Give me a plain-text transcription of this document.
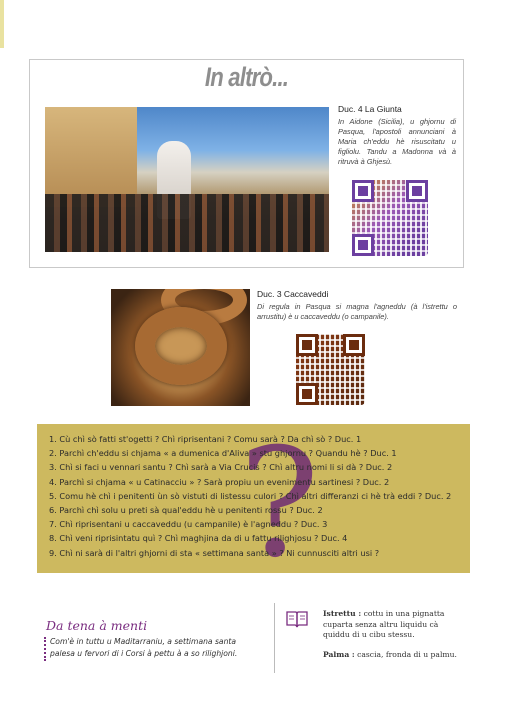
In altrò...
Duc. 4 La Giunta
In Aidone (Sicilia), u ghjornu di Pasqua, l'apostoli annunciani à Maria ch'eddu hè risuscitatu u figliolu. Tandu a Madonna và à ritruvà à Ghjesù.
Duc. 3 Caccaveddi
Di regula in Pasqua si magna l'agneddu (à l'istrettu o arrustitu) è u caccaveddu (o campanile).
?
1. Cù chì sò fatti st'ogetti ? Chì riprisentani ? Comu sarà ? Da chì sò ? Duc. 1
2. Parchì ch'eddu si chjama « a dumenica d'Aliva » stu ghjornu ? Quandu hè ? Duc. 1
3. Chì si faci u vennari santu ? Chì sarà a Via Crucis ? Chì altru nomi li si dà ? Duc. 2
4. Parchì si chjama « u Catinacciu » ? Sarà propiu un evenimentu sartinesi ? Duc. 2
5. Comu hè chì i penitenti ùn sò vistuti di listessu culori ? Chì altri differanzi ci hè trà eddi ? Duc. 2
6. Parchì chì solu u preti sà qual'eddu hè u penitenti rossu ? Duc. 2
7. Chì riprisentani u caccaveddu (u campanile) è l'agneddu ? Duc. 3
8. Chì veni riprisintatu quì ? Chì maghjina da di u fattu rilighjosu ? Duc. 4
9. Chì ni sarà di l'altri ghjorni di sta « settimana santa » ? Ni cunnusciti altri usi ?
Da tena à menti
Com'è in tuttu u Maditarraniu, a settimana santa palesa u fervori di i Corsi à pettu à a so rilighjoni.

Istrettu : cottu in una pignatta cuparta senza altru liquidu cà quiddu di u cibu stessu.

Palma : cascia, fronda di u palmu.
